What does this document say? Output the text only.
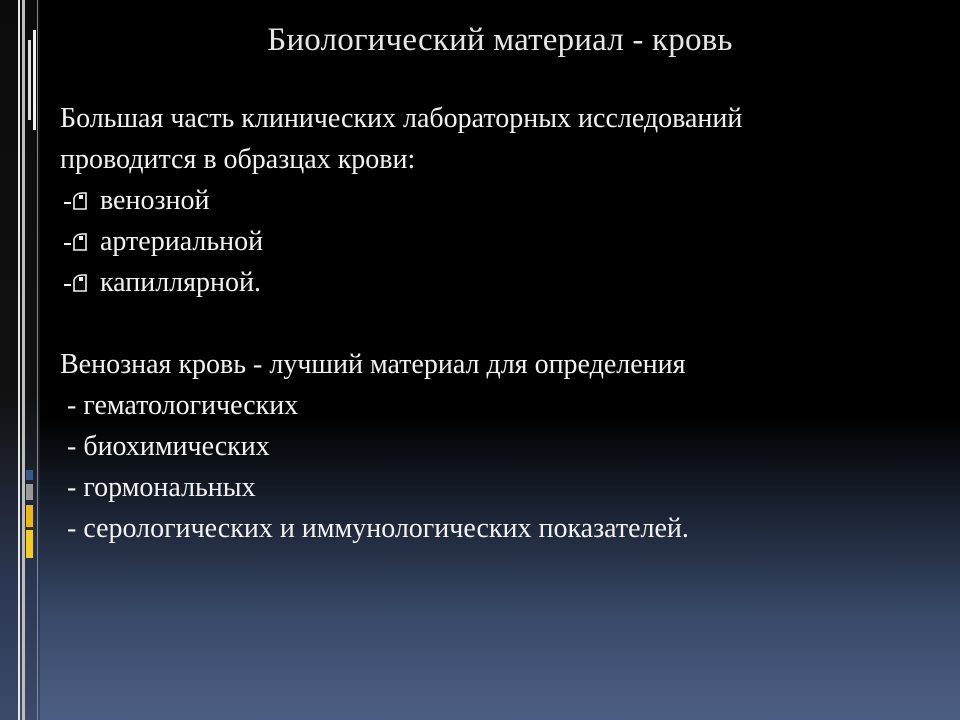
Биологический материал - кровь

Большая часть клинических лабораторных исследований

проводится в образцах крови:

венозной
артериальной
капиллярной.

Венозная кровь - лучший материал для определения

- гематологических

- биохимических

- гормональных

- серологических и иммунологических показателей.
